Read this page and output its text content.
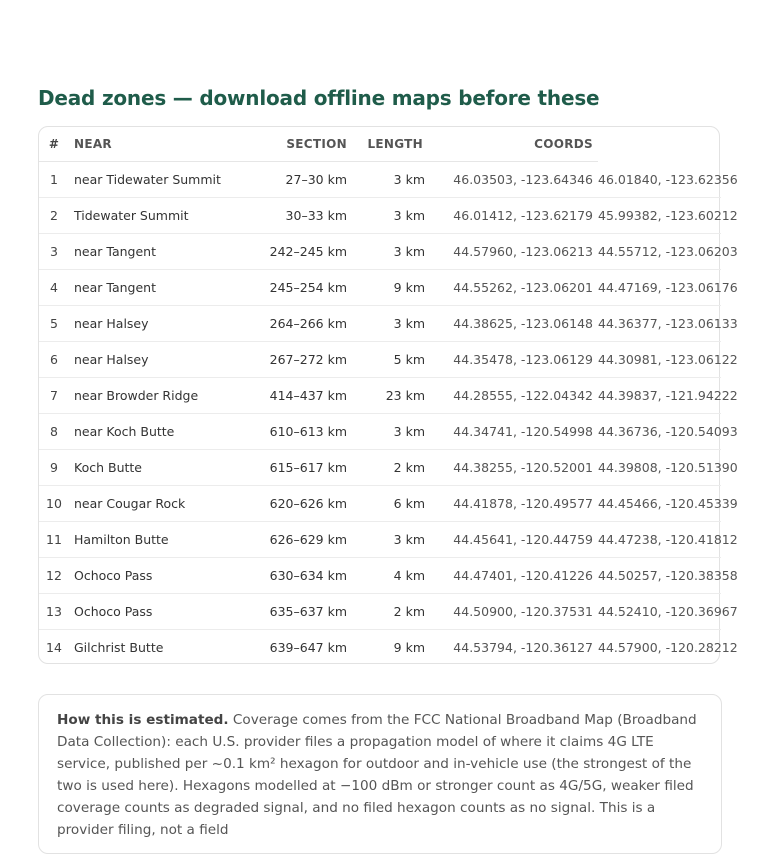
Dead zones — download offline maps before these
#	NEAR	SECTION	LENGTH	COORDS	
1	near Tidewater Summit	27–30 km	3 km	46.03503, -123.64346	46.01840, -123.62356
2	Tidewater Summit	30–33 km	3 km	46.01412, -123.62179	45.99382, -123.60212
3	near Tangent	242–245 km	3 km	44.57960, -123.06213	44.55712, -123.06203
4	near Tangent	245–254 km	9 km	44.55262, -123.06201	44.47169, -123.06176
5	near Halsey	264–266 km	3 km	44.38625, -123.06148	44.36377, -123.06133
6	near Halsey	267–272 km	5 km	44.35478, -123.06129	44.30981, -123.06122
7	near Browder Ridge	414–437 km	23 km	44.28555, -122.04342	44.39837, -121.94222
8	near Koch Butte	610–613 km	3 km	44.34741, -120.54998	44.36736, -120.54093
9	Koch Butte	615–617 km	2 km	44.38255, -120.52001	44.39808, -120.51390
10	near Cougar Rock	620–626 km	6 km	44.41878, -120.49577	44.45466, -120.45339
11	Hamilton Butte	626–629 km	3 km	44.45641, -120.44759	44.47238, -120.41812
12	Ochoco Pass	630–634 km	4 km	44.47401, -120.41226	44.50257, -120.38358
13	Ochoco Pass	635–637 km	2 km	44.50900, -120.37531	44.52410, -120.36967
14	Gilchrist Butte	639–647 km	9 km	44.53794, -120.36127	44.57900, -120.28212

How this is estimated. Coverage comes from the FCC National Broadband Map (Broadband Data Collection): each U.S. provider files a propagation model of where it claims 4G LTE service, published per ~0.1 km² hexagon for outdoor and in-vehicle use (the strongest of the two is used here). Hexagons modelled at −100 dBm or stronger count as 4G/5G, weaker filed coverage counts as degraded signal, and no filed hexagon counts as no signal. This is a provider filing, not a field
